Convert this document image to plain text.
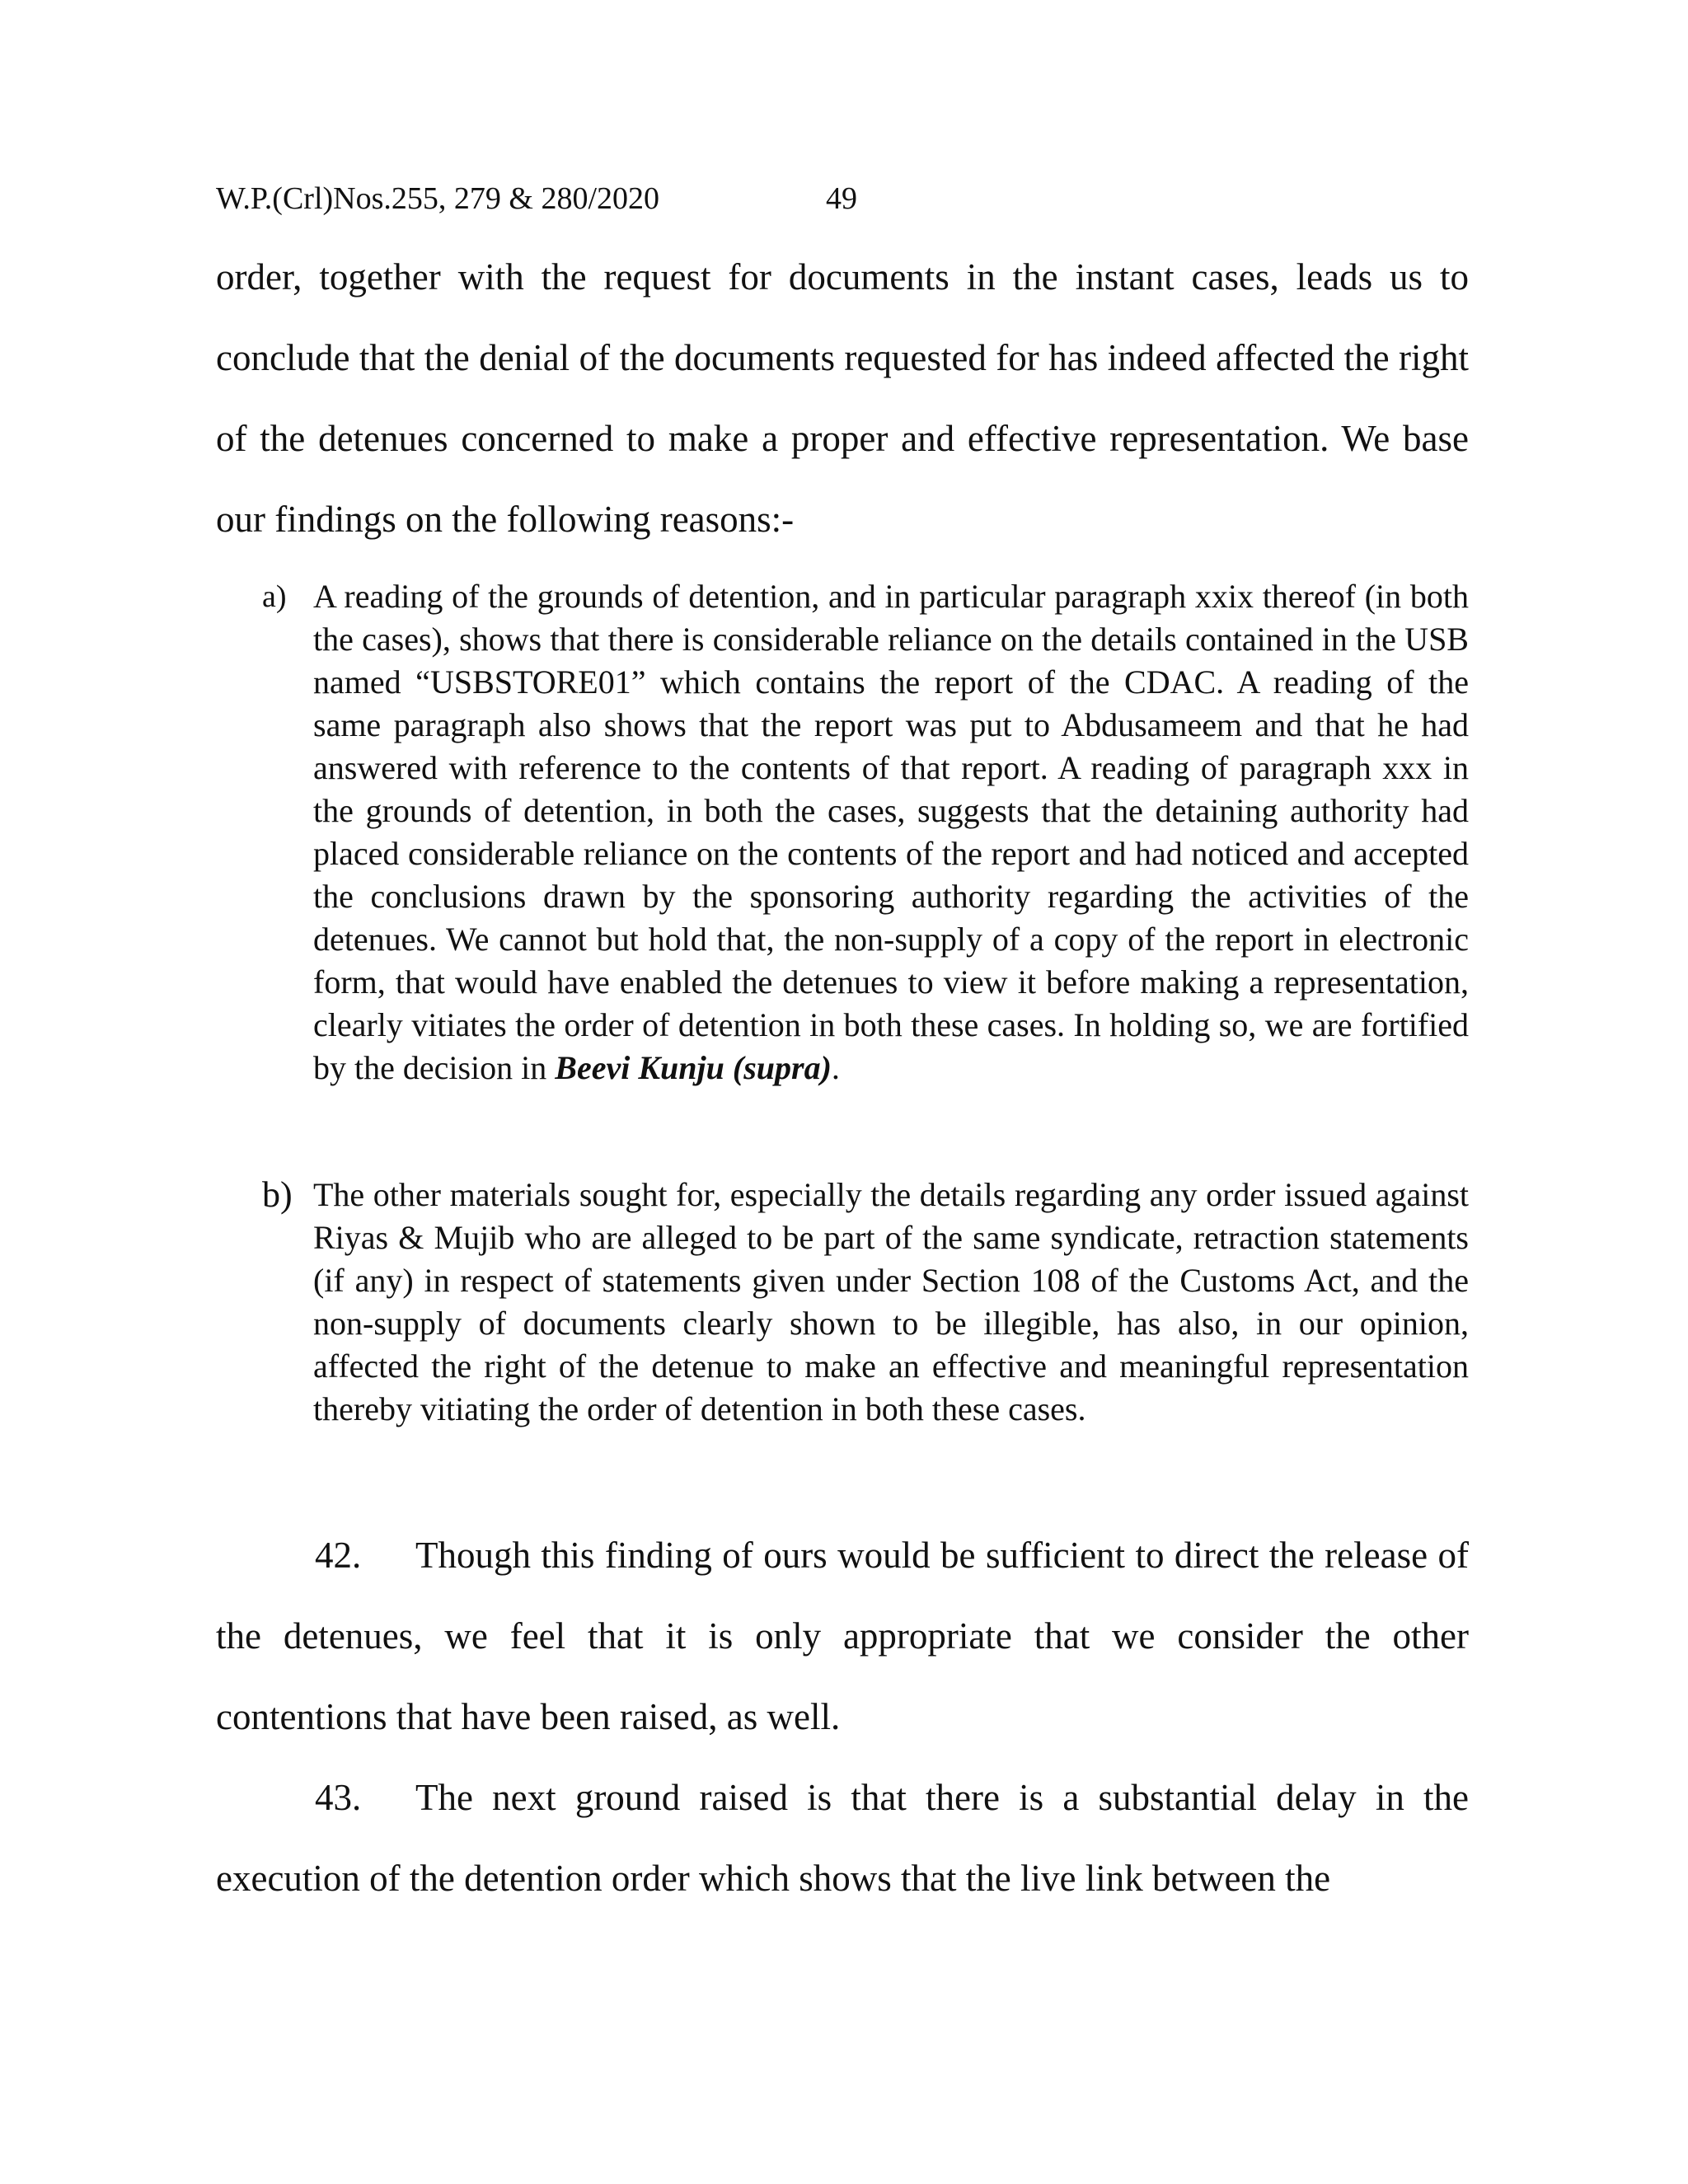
W.P.(Crl)Nos.255, 279 & 280/2020	49
order, together with the request for documents in the instant cases, leads us to conclude that the denial of the documents requested for has indeed affected the right of the detenues concerned to make a proper and effective representation. We base our findings on the following reasons:-
a) A reading of the grounds of detention, and in particular paragraph xxix thereof (in both the cases), shows that there is considerable reliance on the details contained in the USB named “USBSTORE01” which contains the report of the CDAC. A reading of the same paragraph also shows that the report was put to Abdusameem and that he had answered with reference to the contents of that report. A reading of paragraph xxx in the grounds of detention, in both the cases, suggests that the detaining authority had placed considerable reliance on the contents of the report and had noticed and accepted the conclusions drawn by the sponsoring authority regarding the activities of the detenues. We cannot but hold that, the non-supply of a copy of the report in electronic form, that would have enabled the detenues to view it before making a representation, clearly vitiates the order of detention in both these cases. In holding so, we are fortified by the decision in Beevi Kunju (supra).
b) The other materials sought for, especially the details regarding any order issued against Riyas & Mujib who are alleged to be part of the same syndicate, retraction statements (if any) in respect of statements given under Section 108 of the Customs Act, and the non-supply of documents clearly shown to be illegible, has also, in our opinion, affected the right of the detenue to make an effective and meaningful representation thereby vitiating the order of detention in both these cases.
42. Though this finding of ours would be sufficient to direct the release of the detenues, we feel that it is only appropriate that we consider the other contentions that have been raised, as well.
43. The next ground raised is that there is a substantial delay in the execution of the detention order which shows that the live link between the
